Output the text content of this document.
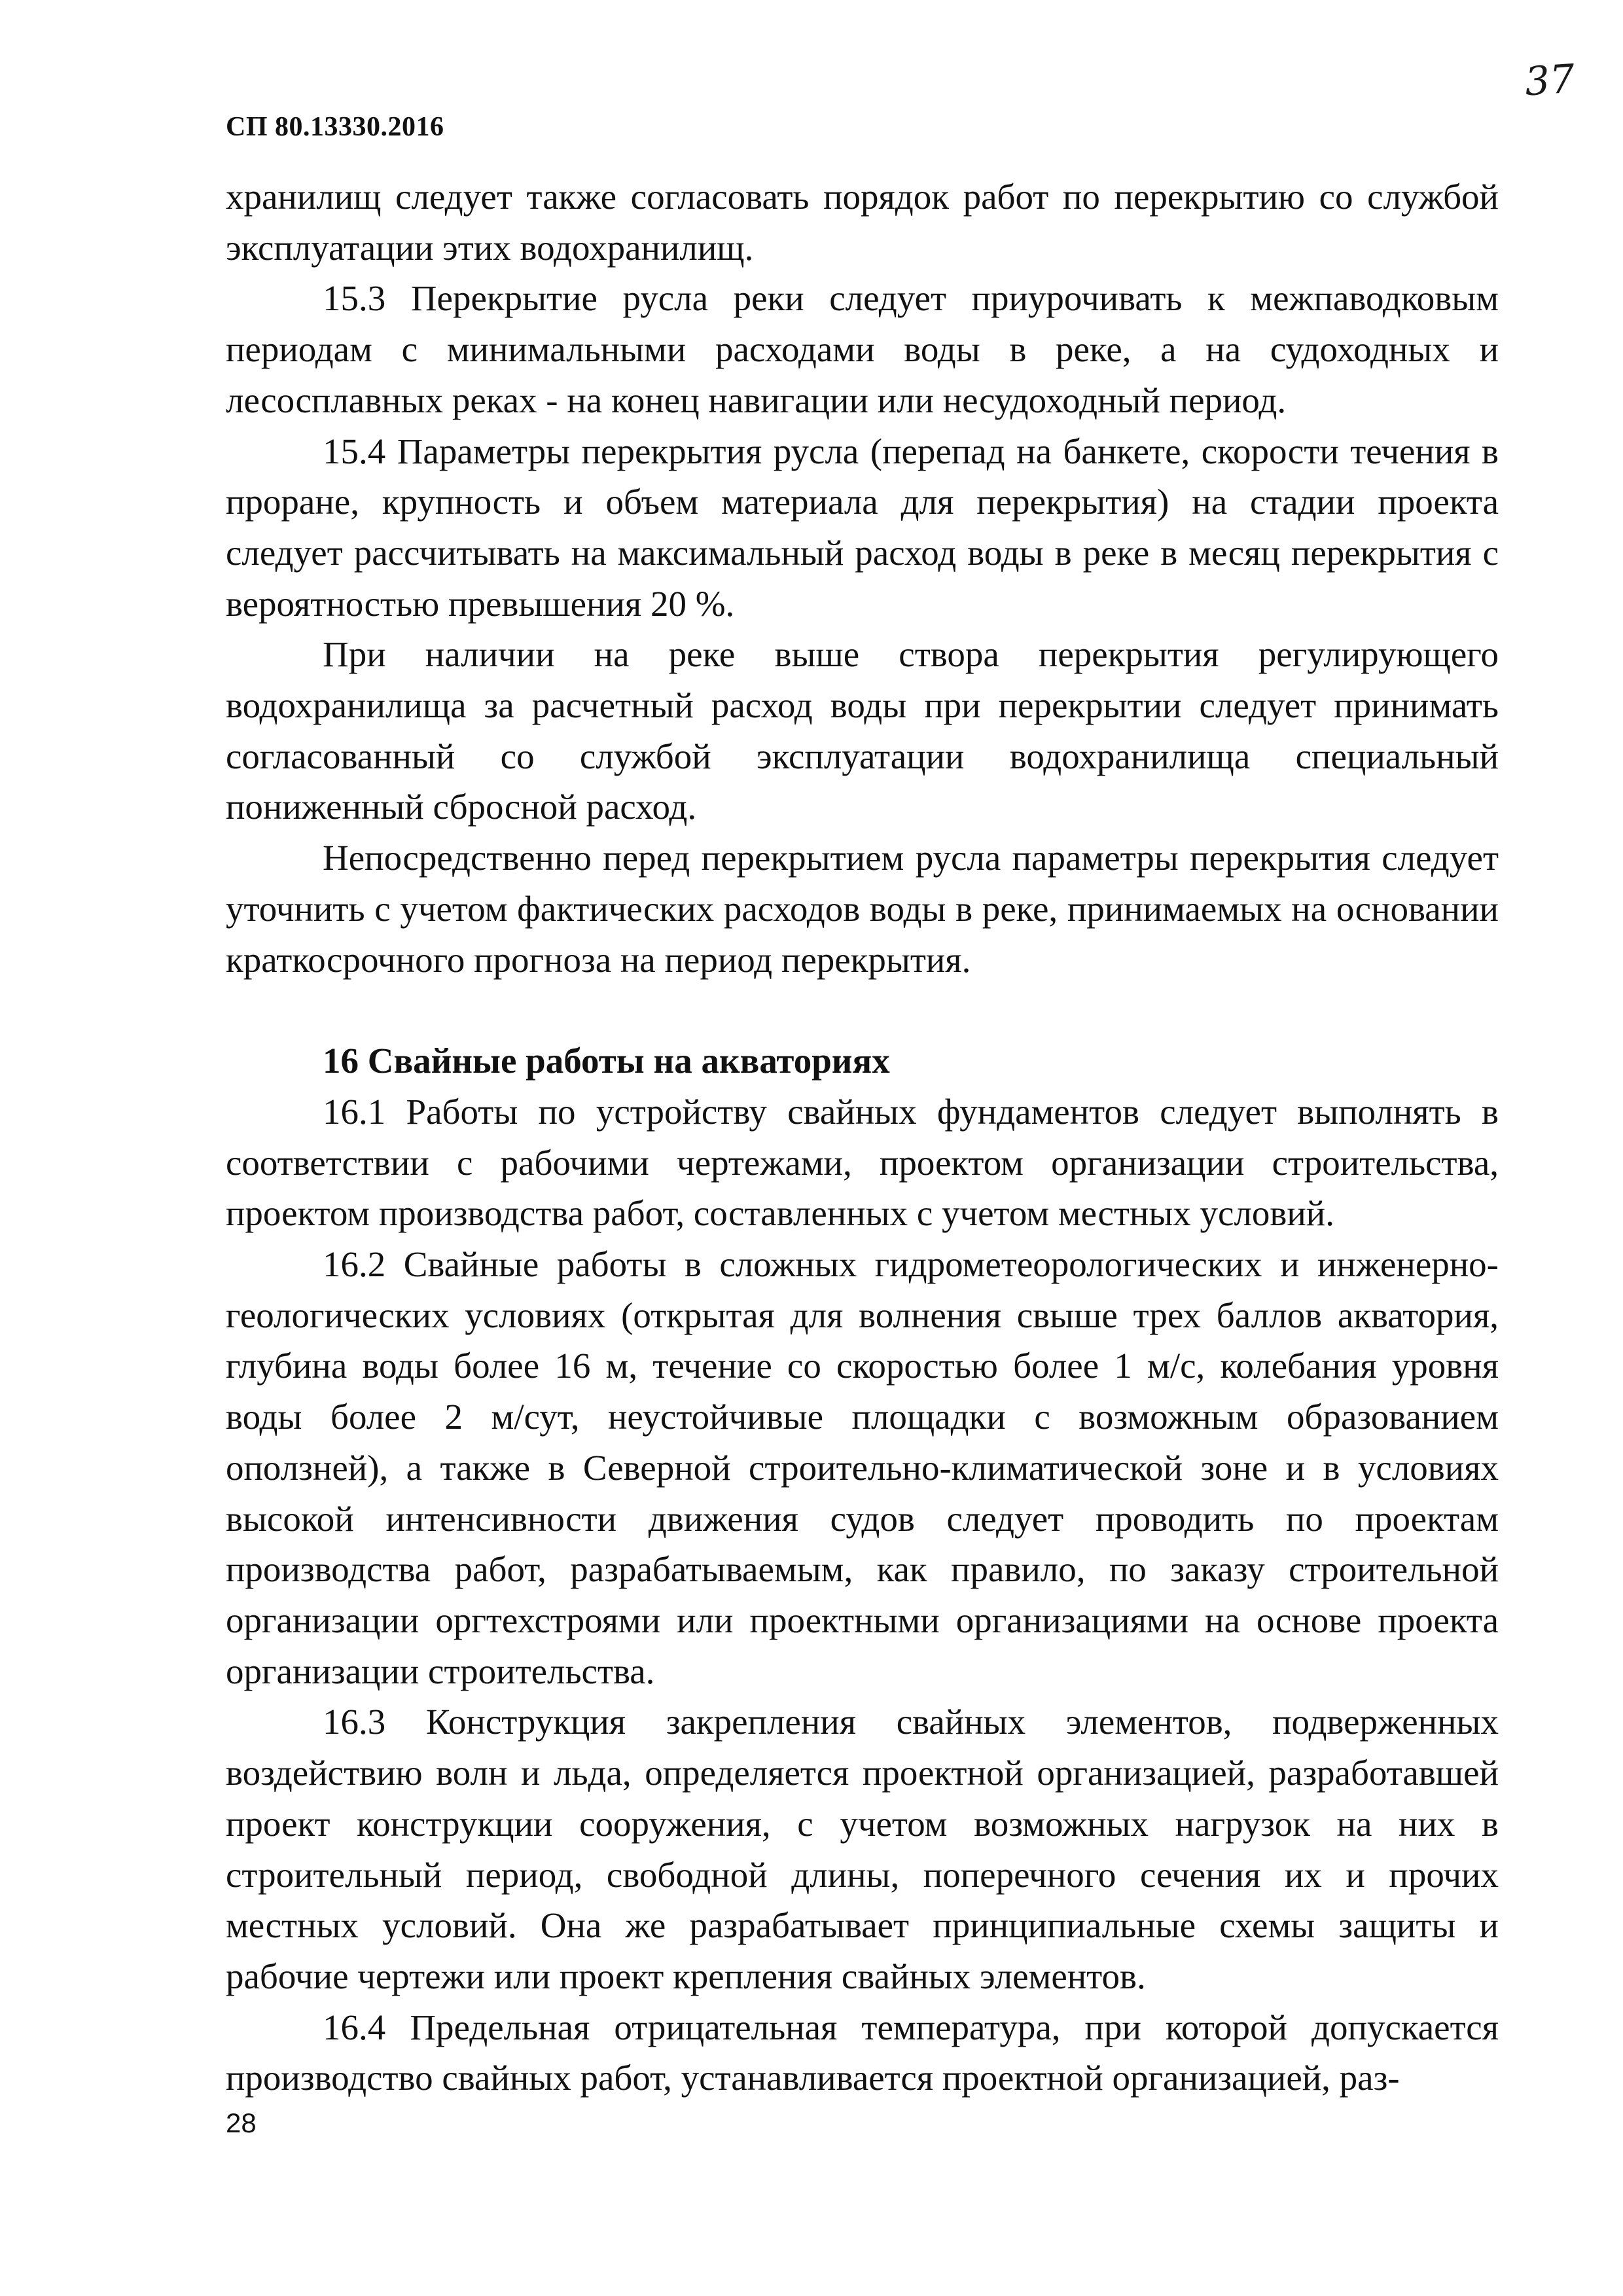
СП 80.13330.2016
37

хранилищ следует также согласовать порядок работ по перекрытию со службой эксплуатации этих водохранилищ.

15.3 Перекрытие русла реки следует приурочивать к межпаводковым периодам с минимальными расходами воды в реке, а на судоходных и лесосплавных реках - на конец навигации или несудоходный период.

15.4 Параметры перекрытия русла (перепад на банкете, скорости течения в проране, крупность и объем материала для перекрытия) на стадии проекта следует рассчитывать на максимальный расход воды в реке в месяц перекрытия с вероятностью превышения 20 %.

При наличии на реке выше створа перекрытия регулирующего водохранилища за расчетный расход воды при перекрытии следует принимать согласованный со службой эксплуатации водохранилища специальный пониженный сбросной расход.

Непосредственно перед перекрытием русла параметры перекрытия следует уточнить с учетом фактических расходов воды в реке, принимаемых на основании краткосрочного прогноза на период перекрытия.

16 Свайные работы на акваториях

16.1 Работы по устройству свайных фундаментов следует выполнять в соответствии с рабочими чертежами, проектом организации строительства, проектом производства работ, составленных с учетом местных условий.

16.2 Свайные работы в сложных гидрометеорологических и инженерно-геологических условиях (открытая для волнения свыше трех баллов акватория, глубина воды более 16 м, течение со скоростью более 1 м/с, колебания уровня воды более 2 м/сут, неустойчивые площадки с возможным образованием оползней), а также в Северной строительно-климатической зоне и в условиях высокой интенсивности движения судов следует проводить по проектам производства работ, разрабатываемым, как правило, по заказу строительной организации оргтехстроями или проектными организациями на основе проекта организации строительства.

16.3 Конструкция закрепления свайных элементов, подверженных воздействию волн и льда, определяется проектной организацией, разработавшей проект конструкции сооружения, с учетом возможных нагрузок на них в строительный период, свободной длины, поперечного сечения их и прочих местных условий. Она же разрабатывает принципиальные схемы защиты и рабочие чертежи или проект крепления свайных элементов.

16.4 Предельная отрицательная температура, при которой допускается производство свайных работ, устанавливается проектной организацией, раз-

28
